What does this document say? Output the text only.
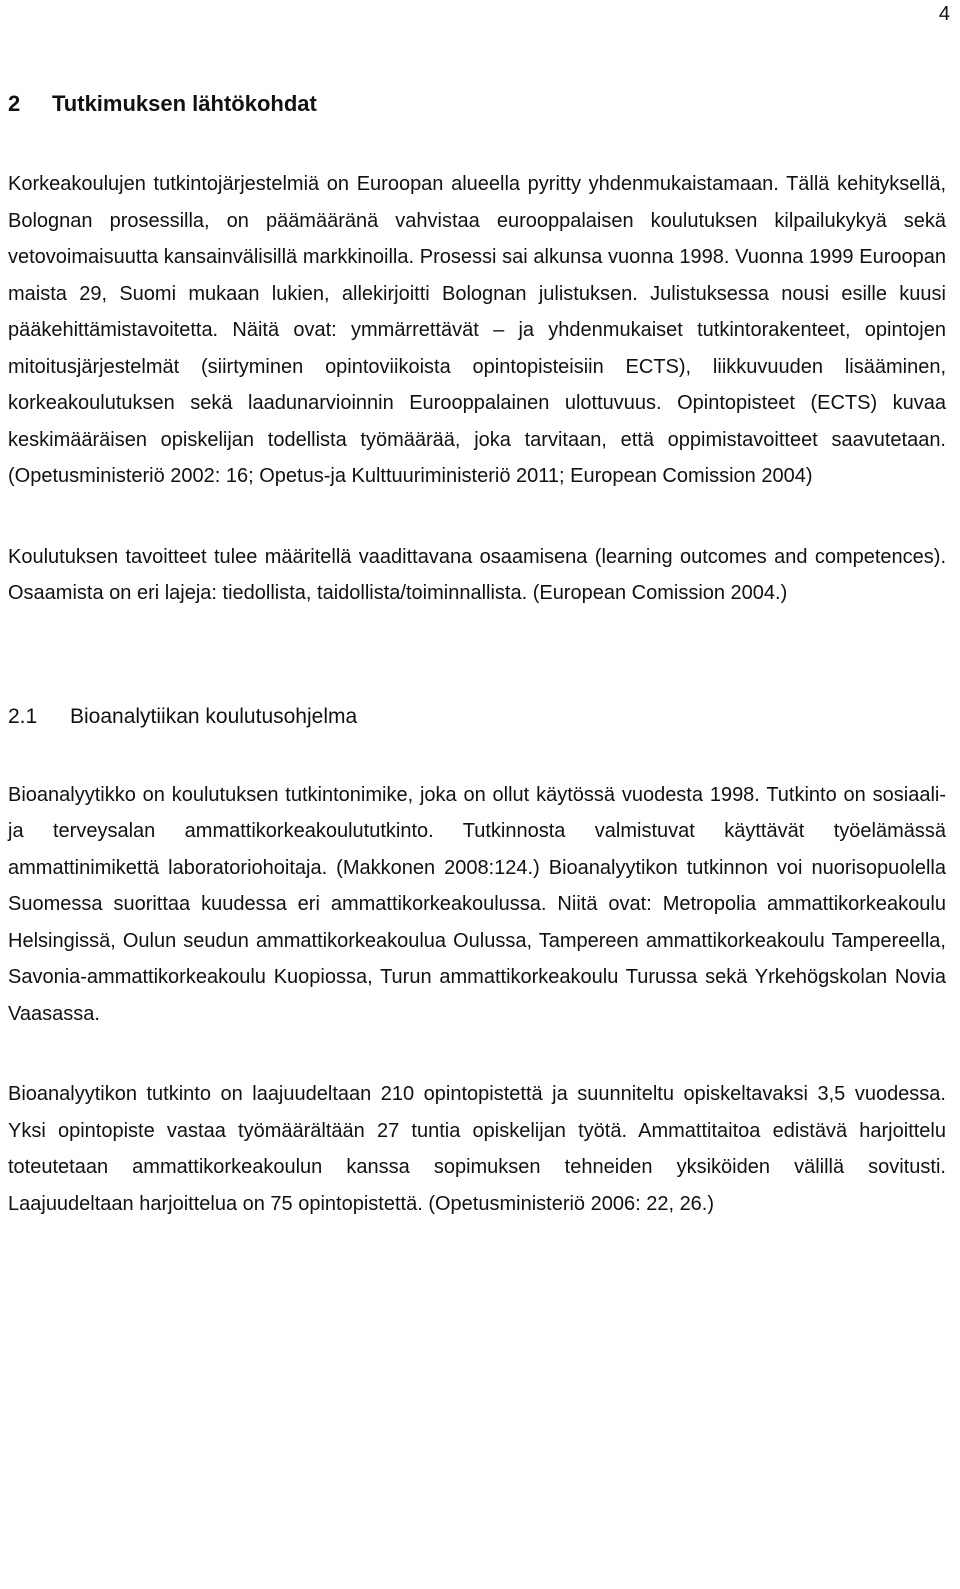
4
2 Tutkimuksen lähtökohdat

Korkeakoulujen tutkintojärjestelmiä on Euroopan alueella pyritty yhdenmukaistamaan. Tällä kehityksellä, Bolognan prosessilla, on päämääränä vahvistaa eurooppalaisen koulutuksen kilpailukykyä sekä vetovoimaisuutta kansainvälisillä markkinoilla. Prosessi sai alkunsa vuonna 1998. Vuonna 1999 Euroopan maista 29, Suomi mukaan lukien, allekirjoitti Bolognan julistuksen. Julistuksessa nousi esille kuusi pääkehittämistavoitetta. Näitä ovat: ymmärrettävät – ja yhdenmukaiset tutkintorakenteet, opintojen mitoitusjärjestelmät (siirtyminen opintoviikoista opintopisteisiin ECTS), liikkuvuuden lisääminen, korkeakoulutuksen sekä laadunarvioinnin Eurooppalainen ulottuvuus. Opintopisteet (ECTS) kuvaa keskimääräisen opiskelijan todellista työmäärää, joka tarvitaan, että oppimistavoitteet saavutetaan. (Opetusministeriö 2002: 16; Opetus-ja Kulttuuriministeriö 2011; European Comission 2004)

Koulutuksen tavoitteet tulee määritellä vaadittavana osaamisena (learning outcomes and competences). Osaamista on eri lajeja: tiedollista, taidollista/toiminnallista. (European Comission 2004.)

2.1 Bioanalytiikan koulutusohjelma

Bioanalyytikko on koulutuksen tutkintonimike, joka on ollut käytössä vuodesta 1998. Tutkinto on sosiaali- ja terveysalan ammattikorkeakoulututkinto. Tutkinnosta valmistuvat käyttävät työelämässä ammattinimikettä laboratoriohoitaja. (Makkonen 2008:124.) Bioanalyytikon tutkinnon voi nuorisopuolella Suomessa suorittaa kuudessa eri ammattikorkeakoulussa. Niitä ovat: Metropolia ammattikorkeakoulu Helsingissä, Oulun seudun ammattikorkeakoulua Oulussa, Tampereen ammattikorkeakoulu Tampereella, Savonia-ammattikorkeakoulu Kuopiossa, Turun ammattikorkeakoulu Turussa sekä Yrkehögskolan Novia Vaasassa.

Bioanalyytikon tutkinto on laajuudeltaan 210 opintopistettä ja suunniteltu opiskeltavaksi 3,5 vuodessa. Yksi opintopiste vastaa työmäärältään 27 tuntia opiskelijan työtä. Ammattitaitoa edistävä harjoittelu toteutetaan ammattikorkeakoulun kanssa sopimuksen tehneiden yksiköiden välillä sovitusti. Laajuudeltaan harjoittelua on 75 opintopistettä. (Opetusministeriö 2006: 22, 26.)
